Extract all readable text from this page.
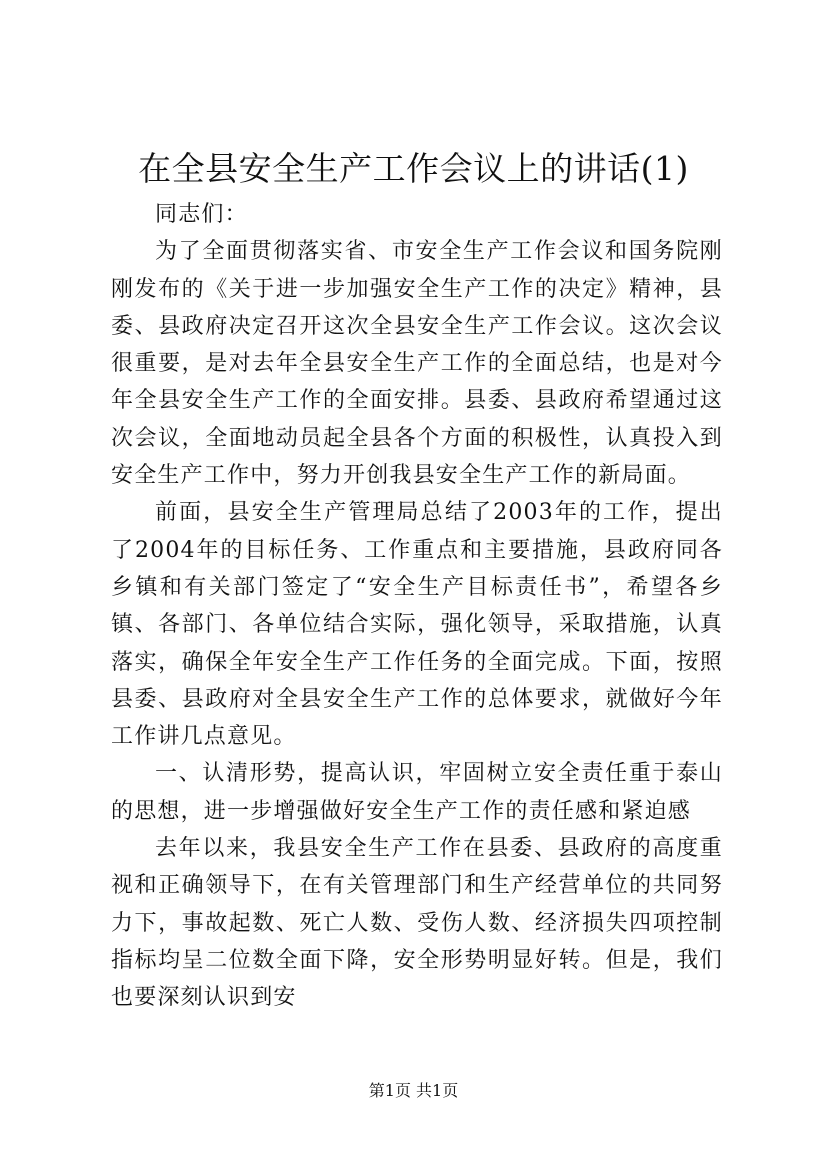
在全县安全生产工作会议上的讲话(1)

同志们：

为了全面贯彻落实省、市安全生产工作会议和国务院刚刚发布的《关于进一步加强安全生产工作的决定》精神，县委、县政府决定召开这次全县安全生产工作会议。这次会议很重要，是对去年全县安全生产工作的全面总结，也是对今年全县安全生产工作的全面安排。县委、县政府希望通过这次会议，全面地动员起全县各个方面的积极性，认真投入到安全生产工作中，努力开创我县安全生产工作的新局面。

前面，县安全生产管理局总结了2003年的工作，提出了2004年的目标任务、工作重点和主要措施，县政府同各乡镇和有关部门签定了“安全生产目标责任书”，希望各乡镇、各部门、各单位结合实际，强化领导，采取措施，认真落实，确保全年安全生产工作任务的全面完成。下面，按照县委、县政府对全县安全生产工作的总体要求，就做好今年工作讲几点意见。

一、认清形势，提高认识，牢固树立安全责任重于泰山的思想，进一步增强做好安全生产工作的责任感和紧迫感

去年以来，我县安全生产工作在县委、县政府的高度重视和正确领导下，在有关管理部门和生产经营单位的共同努力下，事故起数、死亡人数、受伤人数、经济损失四项控制指标均呈二位数全面下降，安全形势明显好转。但是，我们也要深刻认识到安

第1页 共1页
